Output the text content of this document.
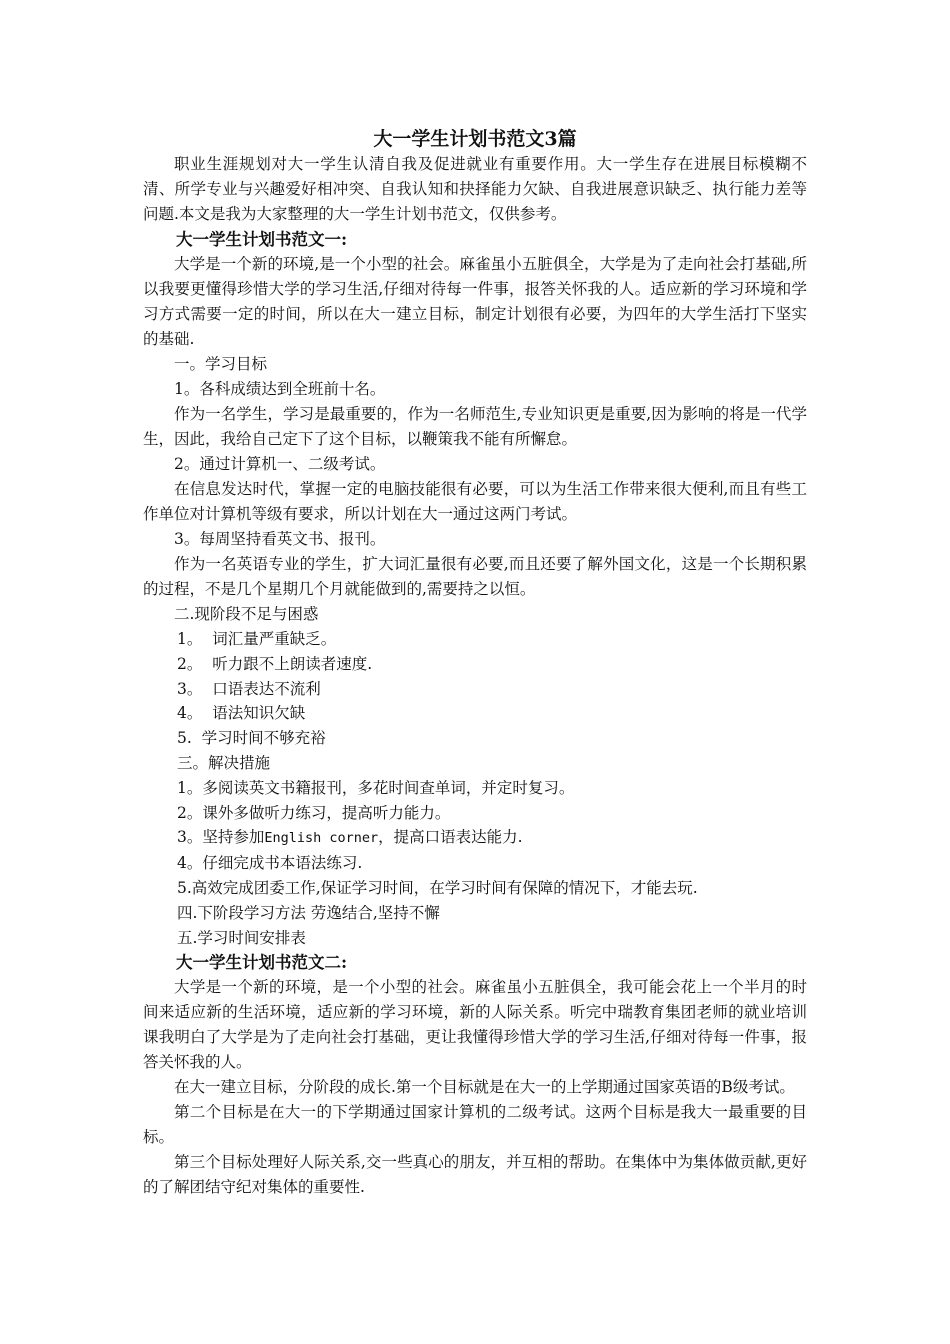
大一学生计划书范文3篇

职业生涯规划对大一学生认清自我及促进就业有重要作用。大一学生存在进展目标模糊不清、所学专业与兴趣爱好相冲突、自我认知和抉择能力欠缺、自我进展意识缺乏、执行能力差等问题.本文是我为大家整理的大一学生计划书范文，仅供参考。

大一学生计划书范文一:

大学是一个新的环境,是一个小型的社会。麻雀虽小五脏俱全，大学是为了走向社会打基础,所以我要更懂得珍惜大学的学习生活,仔细对待每一件事，报答关怀我的人。适应新的学习环境和学习方式需要一定的时间，所以在大一建立目标，制定计划很有必要，为四年的大学生活打下坚实的基础.

一。学习目标

1。各科成绩达到全班前十名。

作为一名学生，学习是最重要的，作为一名师范生,专业知识更是重要,因为影响的将是一代学生，因此，我给自己定下了这个目标，以鞭策我不能有所懈怠。

2。通过计算机一、二级考试。

在信息发达时代，掌握一定的电脑技能很有必要，可以为生活工作带来很大便利,而且有些工作单位对计算机等级有要求，所以计划在大一通过这两门考试。

3。每周坚持看英文书、报刊。

作为一名英语专业的学生，扩大词汇量很有必要,而且还要了解外国文化，这是一个长期积累的过程，不是几个星期几个月就能做到的,需要持之以恒。

二.现阶段不足与困惑

1。  词汇量严重缺乏。

2。  听力跟不上朗读者速度.

3。  口语表达不流利

4。  语法知识欠缺

5.  学习时间不够充裕

三。解决措施

1。多阅读英文书籍报刊，多花时间查单词，并定时复习。

2。课外多做听力练习，提高听力能力。

3。坚持参加English corner，提高口语表达能力.

4。仔细完成书本语法练习.

5.高效完成团委工作,保证学习时间，在学习时间有保障的情况下，才能去玩.

四.下阶段学习方法 劳逸结合,坚持不懈

五.学习时间安排表

大一学生计划书范文二:

大学是一个新的环境，是一个小型的社会。麻雀虽小五脏俱全，我可能会花上一个半月的时间来适应新的生活环境，适应新的学习环境，新的人际关系。听完中瑞教育集团老师的就业培训课我明白了大学是为了走向社会打基础，更让我懂得珍惜大学的学习生活,仔细对待每一件事，报答关怀我的人。

在大一建立目标，分阶段的成长.第一个目标就是在大一的上学期通过国家英语的B级考试。

第二个目标是在大一的下学期通过国家计算机的二级考试。这两个目标是我大一最重要的目标。

第三个目标处理好人际关系,交一些真心的朋友，并互相的帮助。在集体中为集体做贡献,更好的了解团结守纪对集体的重要性.
